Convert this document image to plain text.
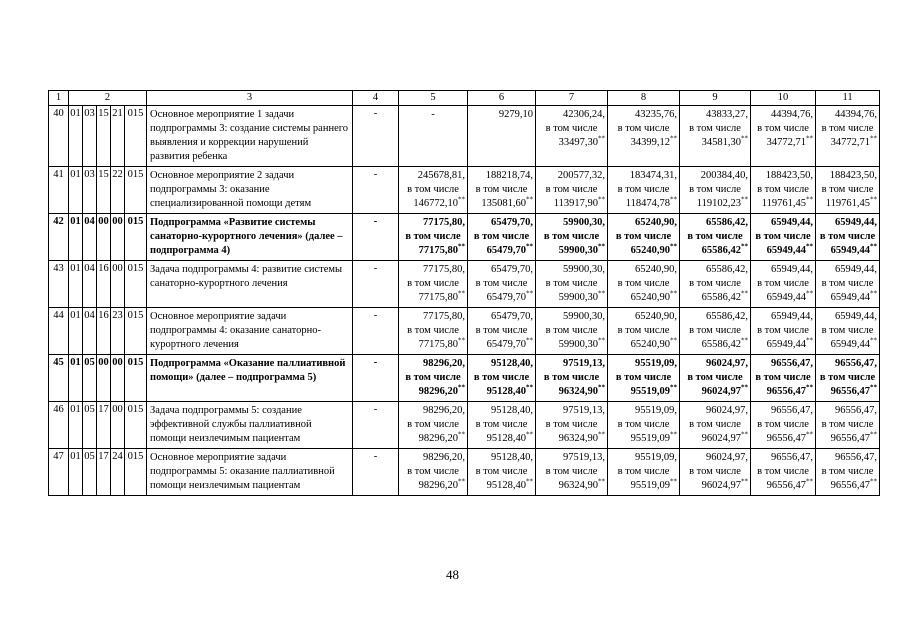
1	2					3	4	5	6	7	8	9	10	11
40	01	03	15	21	015	Основное мероприятие 1 задачи подпрограммы 3: создание системы раннего выявления и коррекции нарушений развития ребенка	-	-	9279,10	42306,24,
в том числе
33497,30**	43235,76,
в том числе
34399,12**	43833,27,
в том числе
34581,30**	44394,76,
в том числе
34772,71**	44394,76,
в том числе
34772,71**

41	01	03	15	22	015	Основное мероприятие 2 задачи подпрограммы 3: оказание специализированной помощи детям	-	245678,81,
в том числе
146772,10**	188218,74,
в том числе
135081,60**	200577,32,
в том числе
113917,90**	183474,31,
в том числе
118474,78**	200384,40,
в том числе
119102,23**	188423,50,
в том числе
119761,45**	188423,50,
в том числе
119761,45**

42	01	04	00	00	015	Подпрограмма «Развитие системы санаторно-курортного лечения» (далее – подпрограмма 4)	-	77175,80,
в том числе
77175,80**	65479,70,
в том числе
65479,70**	59900,30,
в том числе
59900,30**	65240,90,
в том числе
65240,90**	65586,42,
в том числе
65586,42**	65949,44,
в том числе
65949,44**	65949,44,
в том числе
65949,44**

43	01	04	16	00	015	Задача подпрограммы 4: развитие системы санаторно-курортного лечения	-	77175,80,
в том числе
77175,80**	65479,70,
в том числе
65479,70**	59900,30,
в том числе
59900,30**	65240,90,
в том числе
65240,90**	65586,42,
в том числе
65586,42**	65949,44,
в том числе
65949,44**	65949,44,
в том числе
65949,44**

44	01	04	16	23	015	Основное мероприятие задачи подпрограммы 4: оказание санаторно-курортного лечения	-	77175,80,
в том числе
77175,80**	65479,70,
в том числе
65479,70**	59900,30,
в том числе
59900,30**	65240,90,
в том числе
65240,90**	65586,42,
в том числе
65586,42**	65949,44,
в том числе
65949,44**	65949,44,
в том числе
65949,44**

45	01	05	00	00	015	Подпрограмма «Оказание паллиативной помощи» (далее – подпрограмма 5)	-	98296,20,
в том числе
98296,20**	95128,40,
в том числе
95128,40**	97519,13,
в том числе
96324,90**	95519,09,
в том числе
95519,09**	96024,97,
в том числе
96024,97**	96556,47,
в том числе
96556,47**	96556,47,
в том числе
96556,47**

46	01	05	17	00	015	Задача подпрограммы 5: создание эффективной службы паллиативной помощи неизлечимым пациентам	-	98296,20,
в том числе
98296,20**	95128,40,
в том числе
95128,40**	97519,13,
в том числе
96324,90**	95519,09,
в том числе
95519,09**	96024,97,
в том числе
96024,97**	96556,47,
в том числе
96556,47**	96556,47,
в том числе
96556,47**

47	01	05	17	24	015	Основное мероприятие задачи подпрограммы 5: оказание паллиативной помощи неизлечимым пациентам	-	98296,20,
в том числе
98296,20**	95128,40,
в том числе
95128,40**	97519,13,
в том числе
96324,90**	95519,09,
в том числе
95519,09**	96024,97,
в том числе
96024,97**	96556,47,
в том числе
96556,47**	96556,47,
в том числе
96556,47**
48
